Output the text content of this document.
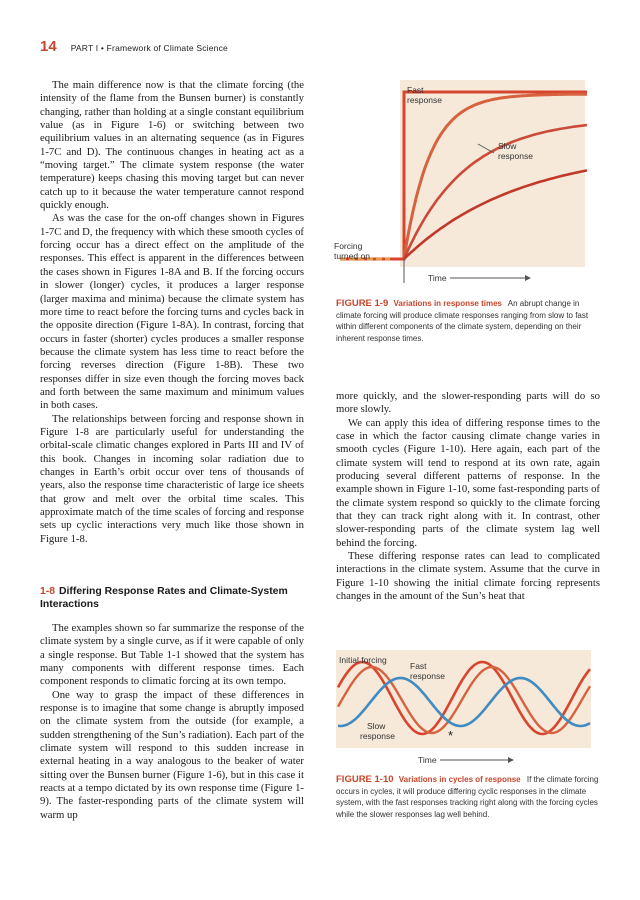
14 PART I • Framework of Climate Science

The main difference now is that the climate forcing (the intensity of the flame from the Bunsen burner) is constantly changing, rather than holding at a single constant equilibrium value (as in Figure 1-6) or switching between two equilibrium values in an alternating sequence (as in Figures 1-7C and D). The continuous changes in heating act as a “moving target.” The climate system response (the water temperature) keeps chasing this moving target but can never catch up to it because the water temperature cannot respond quickly enough.

As was the case for the on-off changes shown in Figures 1-7C and D, the frequency with which these smooth cycles of forcing occur has a direct effect on the amplitude of the responses. This effect is apparent in the differences between the cases shown in Figures 1-8A and B. If the forcing occurs in slower (longer) cycles, it produces a larger response (larger maxima and minima) because the climate system has more time to react before the forcing turns and cycles back in the opposite direction (Figure 1-8A). In contrast, forcing that occurs in faster (shorter) cycles produces a smaller response because the climate system has less time to react before the forcing reverses direction (Figure 1-8B). These two responses differ in size even though the forcing moves back and forth between the same maximum and minimum values in both cases.

The relationships between forcing and response shown in Figure 1-8 are particularly useful for understanding the orbital-scale climatic changes explored in Parts III and IV of this book. Changes in incoming solar radiation due to changes in Earth’s orbit occur over tens of thousands of years, also the response time characteristic of large ice sheets that grow and melt over the orbital time scales. This approximate match of the time scales of forcing and response sets up cyclic interactions very much like those shown in Figure 1-8.

1-8 Differing Response Rates and Climate-System Interactions

The examples shown so far summarize the response of the climate system by a single curve, as if it were capable of only a single response. But Table 1-1 showed that the system has many components with different response times. Each component responds to climatic forcing at its own tempo.

One way to grasp the impact of these differences in response is to imagine that some change is abruptly imposed on the climate system from the outside (for example, a sudden strengthening of the Sun’s radiation). Each part of the climate system will respond to this sudden increase in external heating in a way analogous to the beaker of water sitting over the Bunsen burner (Figure 1-6), but in this case it reacts at a tempo dictated by its own response time (Figure 1-9). The faster-responding parts of the climate system will warm up

Fast
response
Slow
response
Forcing
turned on
Time
FIGURE 1-9 Variations in response times An abrupt change in climate forcing will produce climate responses ranging from slow to fast within different components of the climate system, depending on their inherent response times.

more quickly, and the slower-responding parts will do so more slowly.

We can apply this idea of differing response times to the case in which the factor causing climate change varies in smooth cycles (Figure 1-10). Here again, each part of the climate system will tend to respond at its own rate, again producing several different patterns of response. In the example shown in Figure 1-10, some fast-responding parts of the climate system respond so quickly to the climate forcing that they can track right along with it. In contrast, other slower-responding parts of the climate system lag well behind the forcing.

These differing response rates can lead to complicated interactions in the climate system. Assume that the curve in Figure 1-10 showing the initial climate forcing represents changes in the amount of the Sun’s heat that

Initial forcing
Fast
response
Slow
response	*
Time
FIGURE 1-10 Variations in cycles of response If the climate forcing occurs in cycles, it will produce differing cyclic responses in the climate system, with the fast responses tracking right along with the forcing cycles while the slower responses lag well behind.
